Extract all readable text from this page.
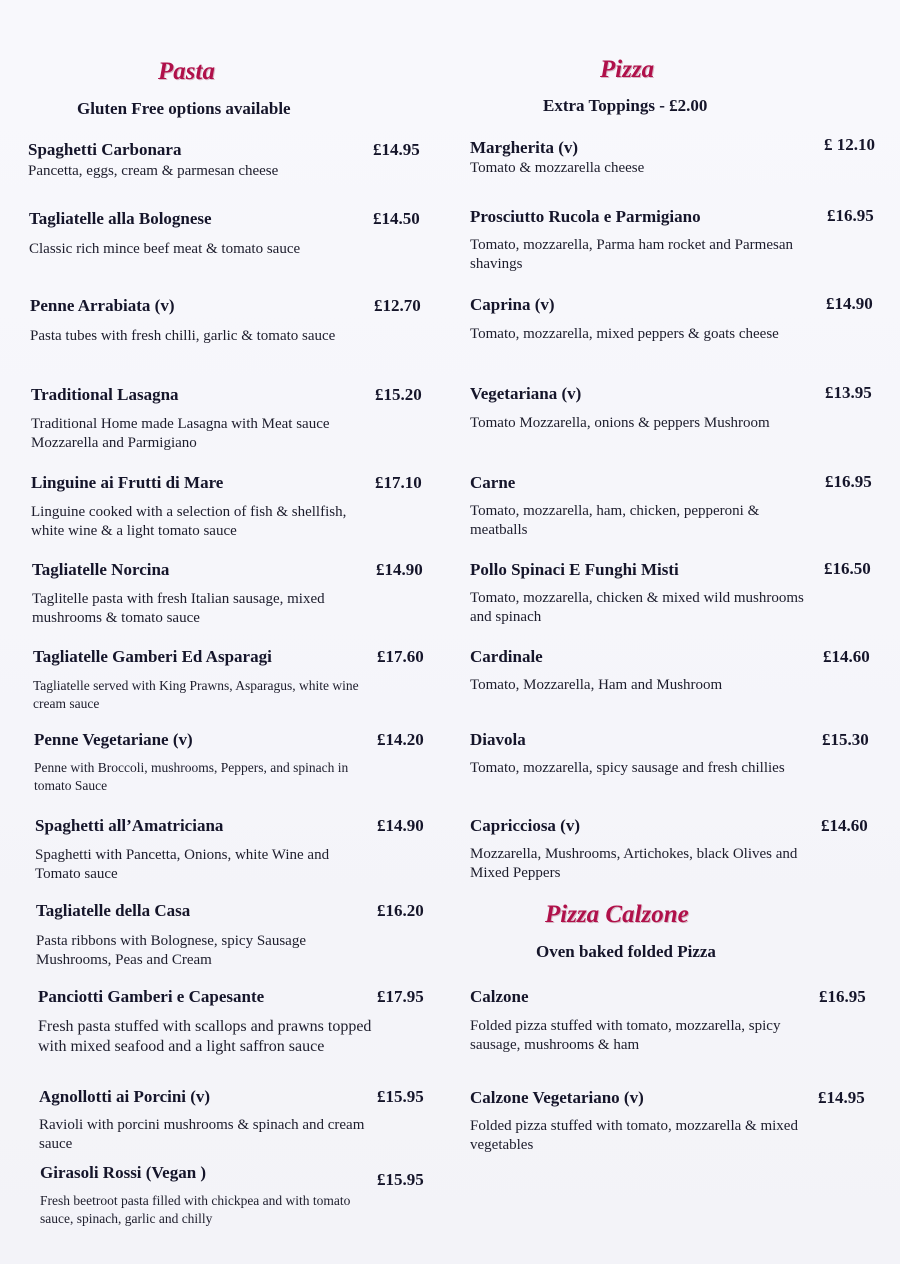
Pasta
Gluten Free options available
Spaghetti Carbonara	£14.95
Pancetta, eggs, cream & parmesan cheese
Tagliatelle alla Bolognese	£14.50
Classic rich mince beef meat & tomato sauce
Penne Arrabiata (v)	£12.70
Pasta tubes with fresh chilli, garlic & tomato sauce
Traditional Lasagna	£15.20
Traditional Home made Lasagna with Meat sauce Mozzarella and Parmigiano
Linguine ai Frutti di Mare	£17.10
Linguine cooked with a selection of fish & shellfish, white wine & a light tomato sauce
Tagliatelle Norcina	£14.90
Taglitelle pasta with fresh Italian sausage, mixed mushrooms & tomato sauce
Tagliatelle Gamberi Ed Asparagi	£17.60
Tagliatelle served with King Prawns, Asparagus, white wine cream sauce
Penne Vegetariane (v)	£14.20
Penne with Broccoli, mushrooms, Peppers, and spinach in tomato Sauce
Spaghetti all’Amatriciana	£14.90
Spaghetti with Pancetta, Onions, white Wine and Tomato sauce
Tagliatelle della Casa	£16.20
Pasta ribbons with Bolognese, spicy Sausage Mushrooms, Peas and Cream
Panciotti Gamberi e Capesante	£17.95
Fresh pasta stuffed with scallops and prawns topped with mixed seafood and a light saffron sauce
Agnollotti ai Porcini (v)	£15.95
Ravioli with porcini mushrooms & spinach and cream sauce
Girasoli Rossi (Vegan )	£15.95
Fresh beetroot pasta filled with chickpea and with tomato sauce, spinach, garlic and chilly
Pizza
Extra Toppings - £2.00
Margherita (v)	£ 12.10
Tomato & mozzarella cheese
Prosciutto Rucola e Parmigiano	£16.95
Tomato, mozzarella, Parma ham rocket and Parmesan shavings
Caprina (v)	£14.90
Tomato, mozzarella, mixed peppers & goats cheese
Vegetariana (v)	£13.95
Tomato Mozzarella, onions & peppers Mushroom
Carne	£16.95
Tomato, mozzarella, ham, chicken, pepperoni & meatballs
Pollo Spinaci E Funghi Misti	£16.50
Tomato, mozzarella, chicken & mixed wild mushrooms and spinach
Cardinale	£14.60
Tomato, Mozzarella, Ham and Mushroom
Diavola	£15.30
Tomato, mozzarella, spicy sausage and fresh chillies
Capricciosa (v)	£14.60
Mozzarella, Mushrooms, Artichokes, black Olives and Mixed Peppers
Pizza Calzone
Oven baked folded Pizza
Calzone	£16.95
Folded pizza stuffed with tomato, mozzarella, spicy sausage, mushrooms & ham
Calzone Vegetariano (v)	£14.95
Folded pizza stuffed with tomato, mozzarella & mixed vegetables
